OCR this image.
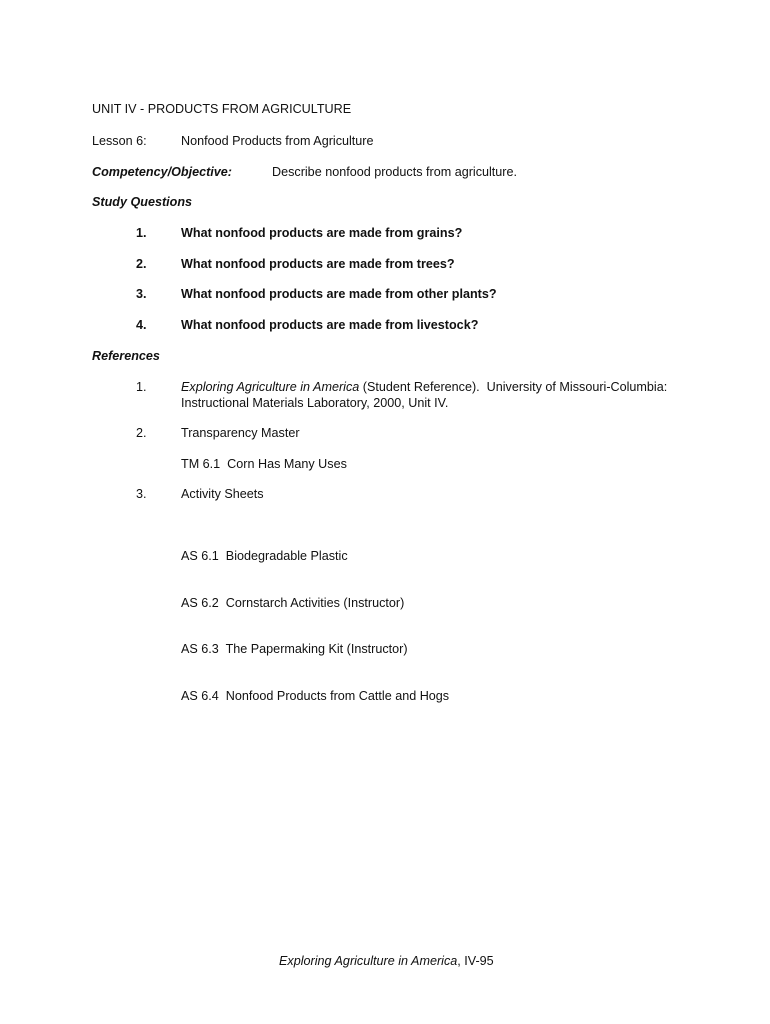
UNIT IV - PRODUCTS FROM AGRICULTURE
Lesson 6:	Nonfood Products from Agriculture
Competency/Objective:	Describe nonfood products from agriculture.
Study Questions
1.	What nonfood products are made from grains?
2.	What nonfood products are made from trees?
3.	What nonfood products are made from other plants?
4.	What nonfood products are made from livestock?
References
1.	Exploring Agriculture in America (Student Reference).  University of Missouri-Columbia:
Instructional Materials Laboratory, 2000, Unit IV.
2.	Transparency Master
TM 6.1  Corn Has Many Uses
3.	Activity Sheets

AS 6.1  Biodegradable Plastic

AS 6.2  Cornstarch Activities (Instructor)

AS 6.3  The Papermaking Kit (Instructor)

AS 6.4  Nonfood Products from Cattle and Hogs

Exploring Agriculture in America, IV-95
